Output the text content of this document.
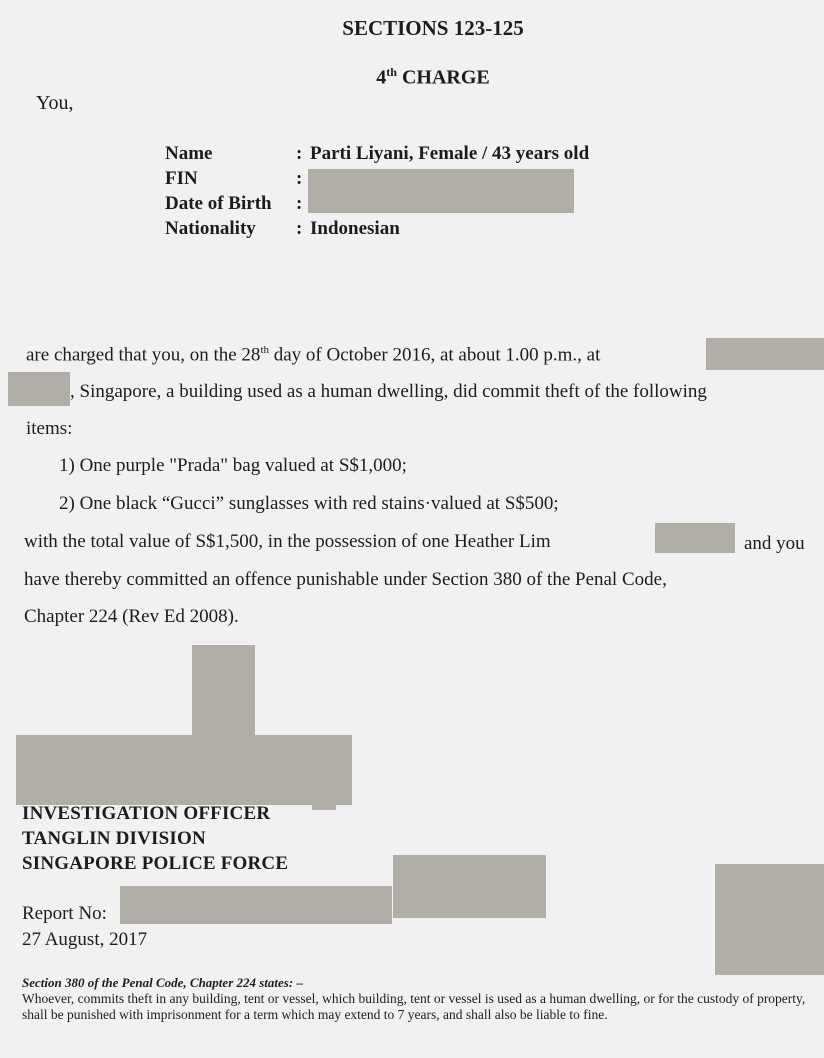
SECTIONS 123-125
4th CHARGE
You,
Name	: Parti Liyani, Female / 43 years old
FIN	:
Date of Birth :
Nationality : Indonesian
are charged that you, on the 28th day of October 2016, at about 1.00 p.m., at
, Singapore, a building used as a human dwelling, did commit theft of the following
items:
1) One purple "Prada" bag valued at S$1,000;
2) One black “Gucci” sunglasses with red stains·valued at S$500;
with the total value of S$1,500, in the possession of one Heather Lim	and you
have thereby committed an offence punishable under Section 380 of the Penal Code,
Chapter 224 (Rev Ed 2008).
INVESTIGATION OFFICER
TANGLIN DIVISION
SINGAPORE POLICE FORCE
Report No:
27 August, 2017
Section 380 of the Penal Code, Chapter 224 states: –
Whoever, commits theft in any building, tent or vessel, which building, tent or vessel is used as a human dwelling, or for the custody of property, shall be punished with imprisonment for a term which may extend to 7 years, and shall also be liable to fine.
